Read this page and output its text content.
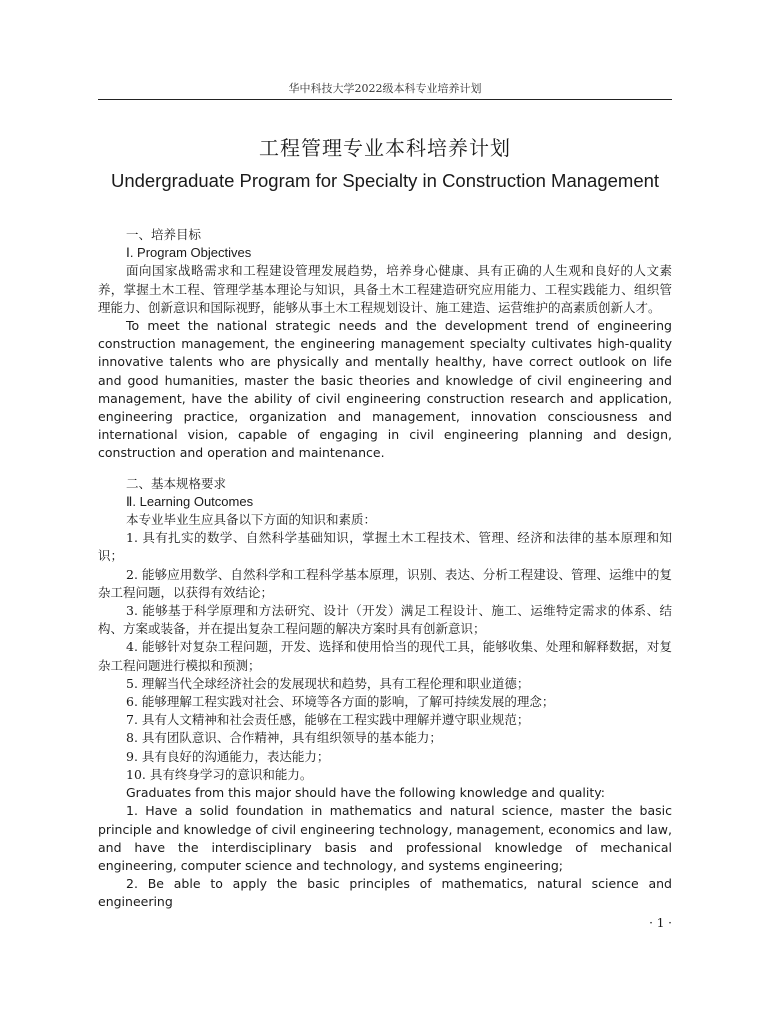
华中科技大学2022级本科专业培养计划
工程管理专业本科培养计划
Undergraduate Program for Specialty in Construction Management

一、培养目标

Ⅰ. Program Objectives

面向国家战略需求和工程建设管理发展趋势，培养身心健康、具有正确的人生观和良好的人文素养，掌握土木工程、管理学基本理论与知识，具备土木工程建造研究应用能力、工程实践能力、组织管理能力、创新意识和国际视野，能够从事土木工程规划设计、施工建造、运营维护的高素质创新人才。

To meet the national strategic needs and the development trend of engineering construction management, the engineering management specialty cultivates high-quality innovative talents who are physically and mentally healthy, have correct outlook on life and good humanities, master the basic theories and knowledge of civil engineering and management, have the ability of civil engineering construction research and application, engineering practice, organization and management, innovation consciousness and international vision, capable of engaging in civil engineering planning and design, construction and operation and maintenance.

二、基本规格要求

Ⅱ. Learning Outcomes

本专业毕业生应具备以下方面的知识和素质：

1. 具有扎实的数学、自然科学基础知识，掌握土木工程技术、管理、经济和法律的基本原理和知识；

2. 能够应用数学、自然科学和工程科学基本原理，识别、表达、分析工程建设、管理、运维中的复杂工程问题，以获得有效结论；

3. 能够基于科学原理和方法研究、设计（开发）满足工程设计、施工、运维特定需求的体系、结构、方案或装备，并在提出复杂工程问题的解决方案时具有创新意识；

4. 能够针对复杂工程问题，开发、选择和使用恰当的现代工具，能够收集、处理和解释数据，对复杂工程问题进行模拟和预测；

5. 理解当代全球经济社会的发展现状和趋势，具有工程伦理和职业道德；

6. 能够理解工程实践对社会、环境等各方面的影响，了解可持续发展的理念；

7. 具有人文精神和社会责任感，能够在工程实践中理解并遵守职业规范；

8. 具有团队意识、合作精神，具有组织领导的基本能力；

9. 具有良好的沟通能力，表达能力；

10. 具有终身学习的意识和能力。

Graduates from this major should have the following knowledge and quality:

1. Have a solid foundation in mathematics and natural science, master the basic principle and knowledge of civil engineering technology, management, economics and law, and have the interdisciplinary basis and professional knowledge of mechanical engineering, computer science and technology, and systems engineering;

2. Be able to apply the basic principles of mathematics, natural science and engineering

· 1 ·
